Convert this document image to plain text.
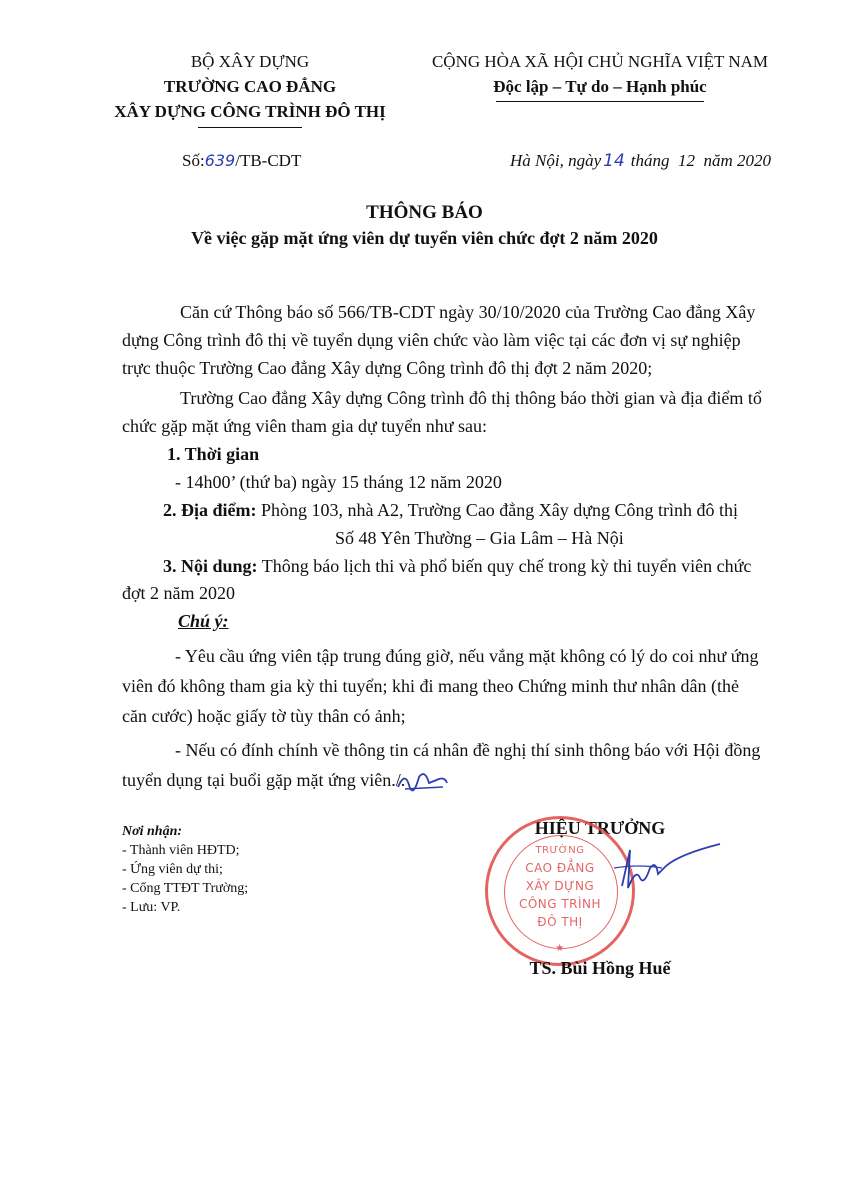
BỘ XÂY DỰNG
TRƯỜNG CAO ĐẲNG
XÂY DỰNG CÔNG TRÌNH ĐÔ THỊ
CỘNG HÒA XÃ HỘI CHỦ NGHĨA VIỆT NAM
Độc lập – Tự do – Hạnh phúc
Số:639/TB-CDT	Hà Nội, ngày 14 tháng  12  năm 2020
THÔNG BÁO
Về việc gặp mặt ứng viên dự tuyển viên chức đợt 2 năm 2020
Căn cứ Thông báo số 566/TB-CDT ngày 30/10/2020 của Trường Cao đẳng Xây
dựng Công trình đô thị về tuyển dụng viên chức vào làm việc tại các đơn vị sự nghiệp
trực thuộc Trường Cao đẳng Xây dựng Công trình đô thị đợt 2 năm 2020;
Trường Cao đẳng Xây dựng Công trình đô thị thông báo thời gian và địa điểm tổ
chức gặp mặt ứng viên tham gia dự tuyển như sau:
1. Thời gian
- 14h00’ (thứ ba) ngày 15 tháng 12 năm 2020
2. Địa điểm: Phòng 103, nhà A2, Trường Cao đẳng Xây dựng Công trình đô thị
Số 48 Yên Thường – Gia Lâm – Hà Nội
3. Nội dung: Thông báo lịch thi và phổ biến quy chế trong kỳ thi tuyển viên chức
đợt 2 năm 2020
Chú ý:
- Yêu cầu ứng viên tập trung đúng giờ, nếu vắng mặt không có lý do coi như ứng
viên đó không tham gia kỳ thi tuyển; khi đi mang theo Chứng minh thư nhân dân (thẻ
căn cước) hoặc giấy tờ tùy thân có ảnh;
- Nếu có đính chính về thông tin cá nhân đề nghị thí sinh thông báo với Hội đồng
tuyển dụng tại buổi gặp mặt ứng viên./.
Nơi nhận:
- Thành viên HĐTD;
- Ứng viên dự thi;
- Cổng TTĐT Trường;
- Lưu: VP.
HIỆU TRƯỞNG
TRƯỜNG
CAO ĐẲNG
XÂY DỰNG
CÔNG TRÌNH
ĐÔ THỊ
★
TS. Bùi Hồng Huế
